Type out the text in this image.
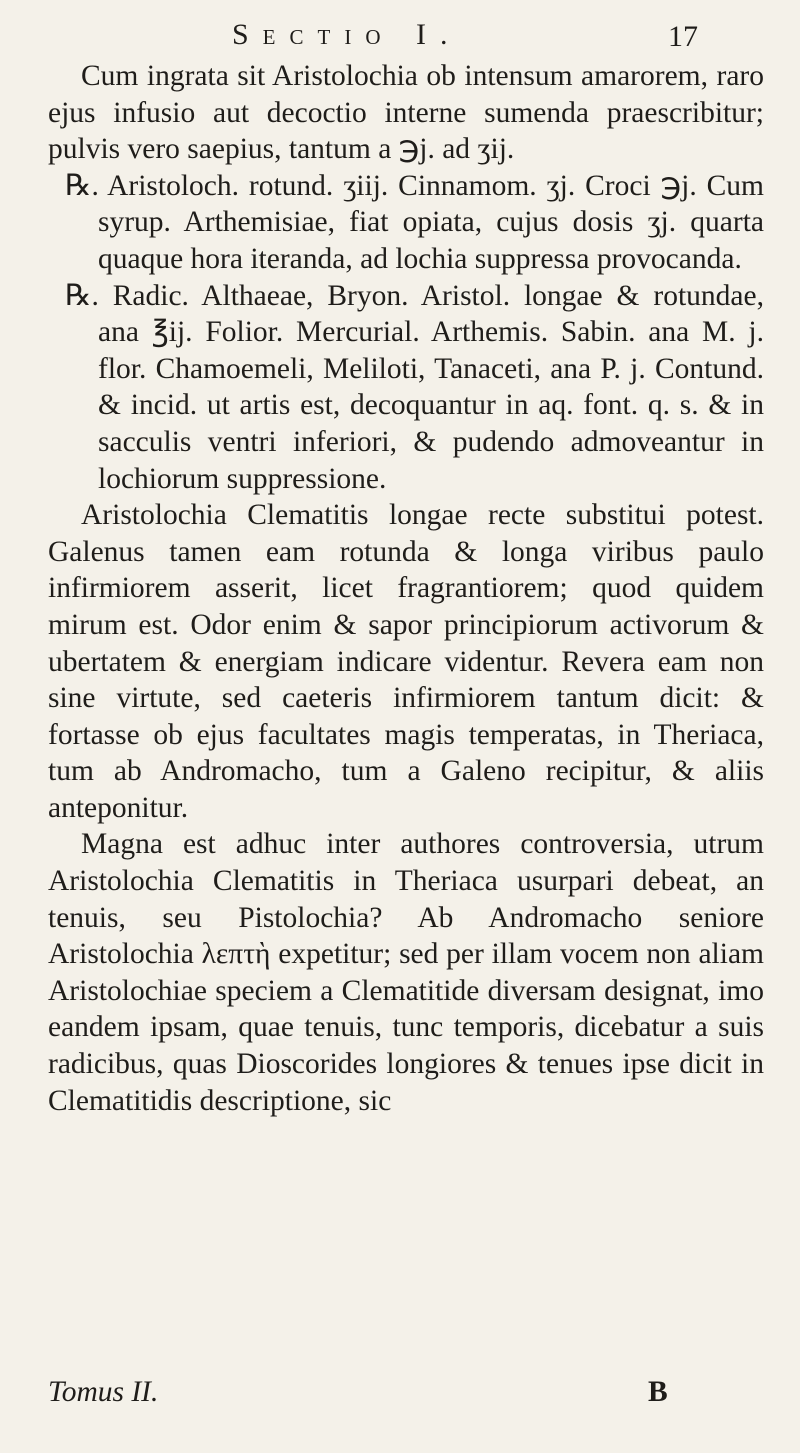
Sectio I.	17

Cum ingrata sit Aristolochia ob intensum amarorem, raro ejus infusio aut decoctio interne sumenda praescribitur; pulvis vero saepius, tantum a ℈j. ad ʒij.

℞. Aristoloch. rotund. ʒiij. Cinnamom. ʒj. Croci ℈j. Cum syrup. Arthemisiae, fiat opiata, cujus dosis ʒj. quarta quaque hora iteranda, ad lochia suppressa provocanda.

℞. Radic. Althaeae, Bryon. Aristol. longae & rotundae, ana ℥ij. Folior. Mercurial. Arthemis. Sabin. ana M. j. flor. Chamoemeli, Meliloti, Tanaceti, ana P. j. Contund. & incid. ut artis est, decoquantur in aq. font. q. s. & in sacculis ventri inferiori, & pudendo admoveantur in lochiorum suppressione.

Aristolochia Clematitis longae recte substitui potest. Galenus tamen eam rotunda & longa viribus paulo infirmiorem asserit, licet fragrantiorem; quod quidem mirum est. Odor enim & sapor principiorum activorum & ubertatem & energiam indicare videntur. Revera eam non sine virtute, sed caeteris infirmiorem tantum dicit: & fortasse ob ejus facultates magis temperatas, in Theriaca, tum ab Andromacho, tum a Galeno recipitur, & aliis anteponitur.

Magna est adhuc inter authores controversia, utrum Aristolochia Clematitis in Theriaca usurpari debeat, an tenuis, seu Pistolochia? Ab Andromacho seniore Aristolochia λεπτὴ expetitur; sed per illam vocem non aliam Aristolochiae speciem a Clematitide diversam designat, imo eandem ipsam, quae tenuis, tunc temporis, dicebatur a suis radicibus, quas Dioscorides longiores & tenues ipse dicit in Clematitidis descriptione, sic

Tomus II.	B
